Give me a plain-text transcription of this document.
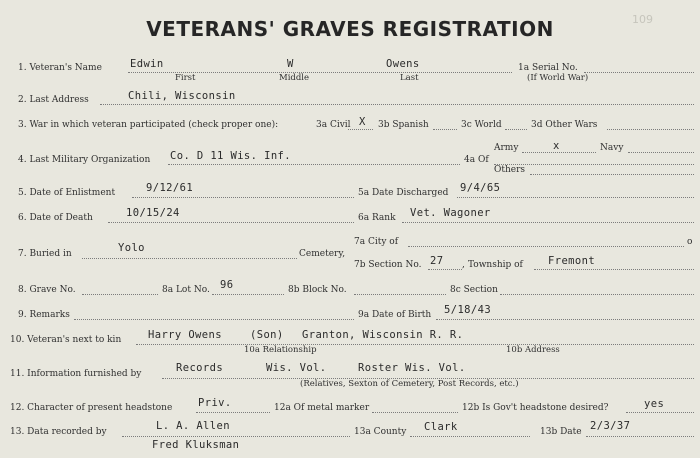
VETERANS' GRAVES REGISTRATION	109
1. Veteran's Name	Edwin	W	Owens
First	Middle	Last
1a Serial No.
(If World War)
2. Last Address	Chili, Wisconsin
3. War in which veteran participated (check proper one):	3a Civil X 3b Spanish	3c World	3d Other Wars
4. Last Military Organization Co. D 11 Wis. Inf.	4a Of
Army	x	Navy
Others
5. Date of Enlistment	9/12/61	5a Date Discharged 9/4/65
6. Date of Death	10/15/24	6a Rank Vet. Wagoner
7. Buried in	Yolo	Cemetery,
7a City of	o
7b Section No. 27 , Township of Fremont
8. Grave No.	8a Lot No. 96	8b Block No.	8c Section
9. Remarks	9a Date of Birth 5/18/43
10. Veteran's next to kin	Harry Owens	(Son) Granton, Wisconsin R. R.
10a Relationship	10b Address
11. Information furnished by	Records	Wis. Vol.	Roster Wis. Vol.
(Relatives, Sexton of Cemetery, Post Records, etc.)
12. Character of present headstone Priv.	12a Of metal marker	12b Is Gov't headstone desired?	yes
13. Data recorded by	L. A. Allen
Fred Kluksman
13a County Clark	13b Date 2/3/37
